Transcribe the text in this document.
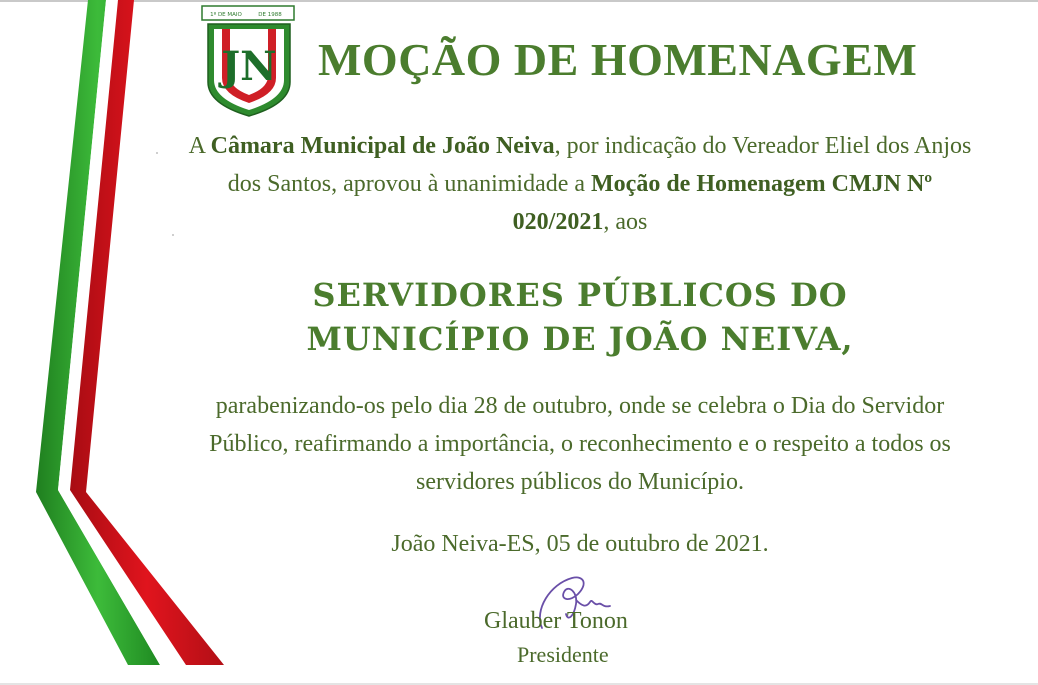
1º DE MAIO	DE 1988
JN
★
★
★
★ MOÇÃO DE HOMENAGEM
A Câmara Municipal de João Neiva, por indicação do Vereador Eliel dos Anjos dos Santos, aprovou à unanimidade a Moção de Homenagem CMJN Nº 020/2021, aos
SERVIDORES PÚBLICOS DO
MUNICÍPIO DE JOÃO NEIVA,
parabenizando-os pelo dia 28 de outubro, onde se celebra o Dia do Servidor Público, reafirmando a importância, o reconhecimento e o respeito a todos os servidores públicos do Município.
João Neiva-ES, 05 de outubro de 2021.
Glauber Tonon
Presidente
